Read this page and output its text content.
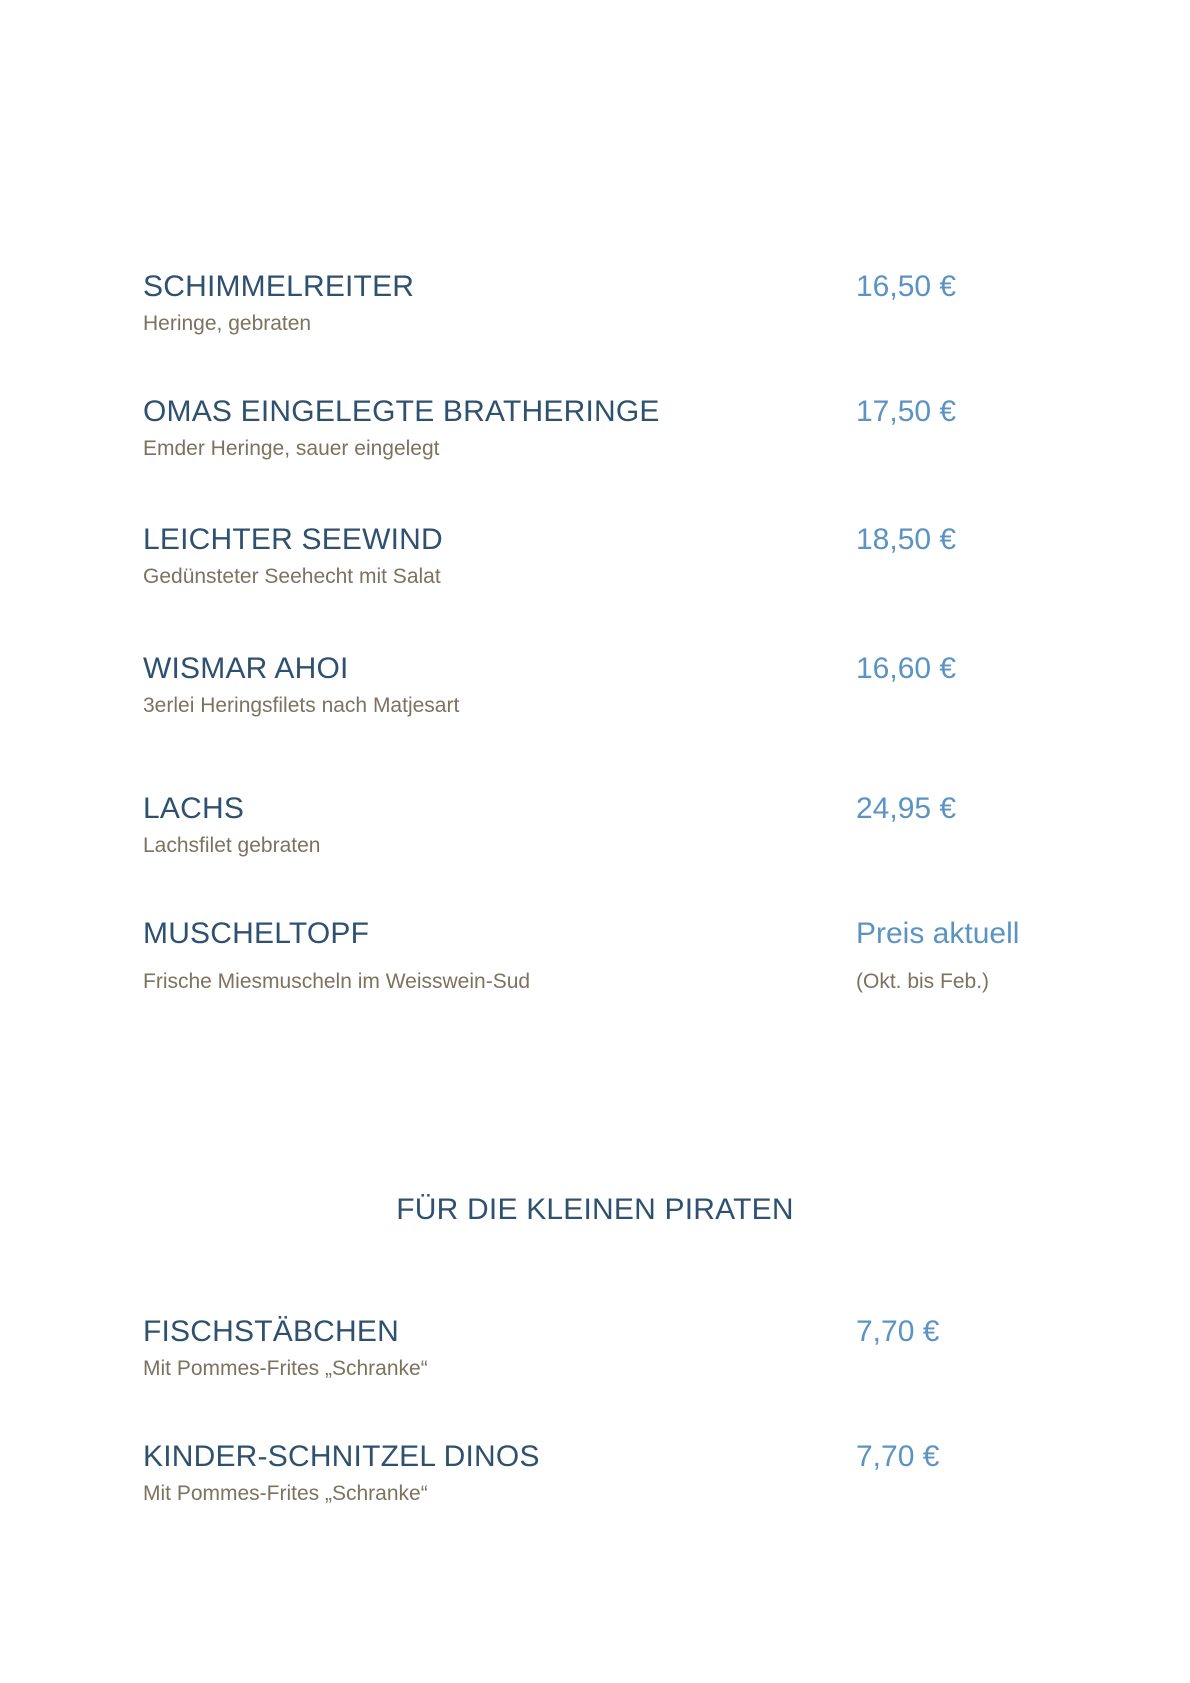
SCHIMMELREITER
Heringe, gebraten
16,50 €
OMAS EINGELEGTE BRATHERINGE
Emder Heringe, sauer eingelegt
17,50 €
LEICHTER SEEWIND
Gedünsteter Seehecht mit Salat
18,50 €
WISMAR AHOI
3erlei Heringsfilets nach Matjesart
16,60 €
LACHS
Lachsfilet gebraten
24,95 €
MUSCHELTOPF
Frische Miesmuscheln im Weisswein-Sud
Preis aktuell
(Okt. bis Feb.)
FÜR DIE KLEINEN PIRATEN
FISCHSTÄBCHEN
Mit Pommes-Frites „Schranke“
7,70 €
KINDER-SCHNITZEL DINOS
Mit Pommes-Frites „Schranke“
7,70 €
